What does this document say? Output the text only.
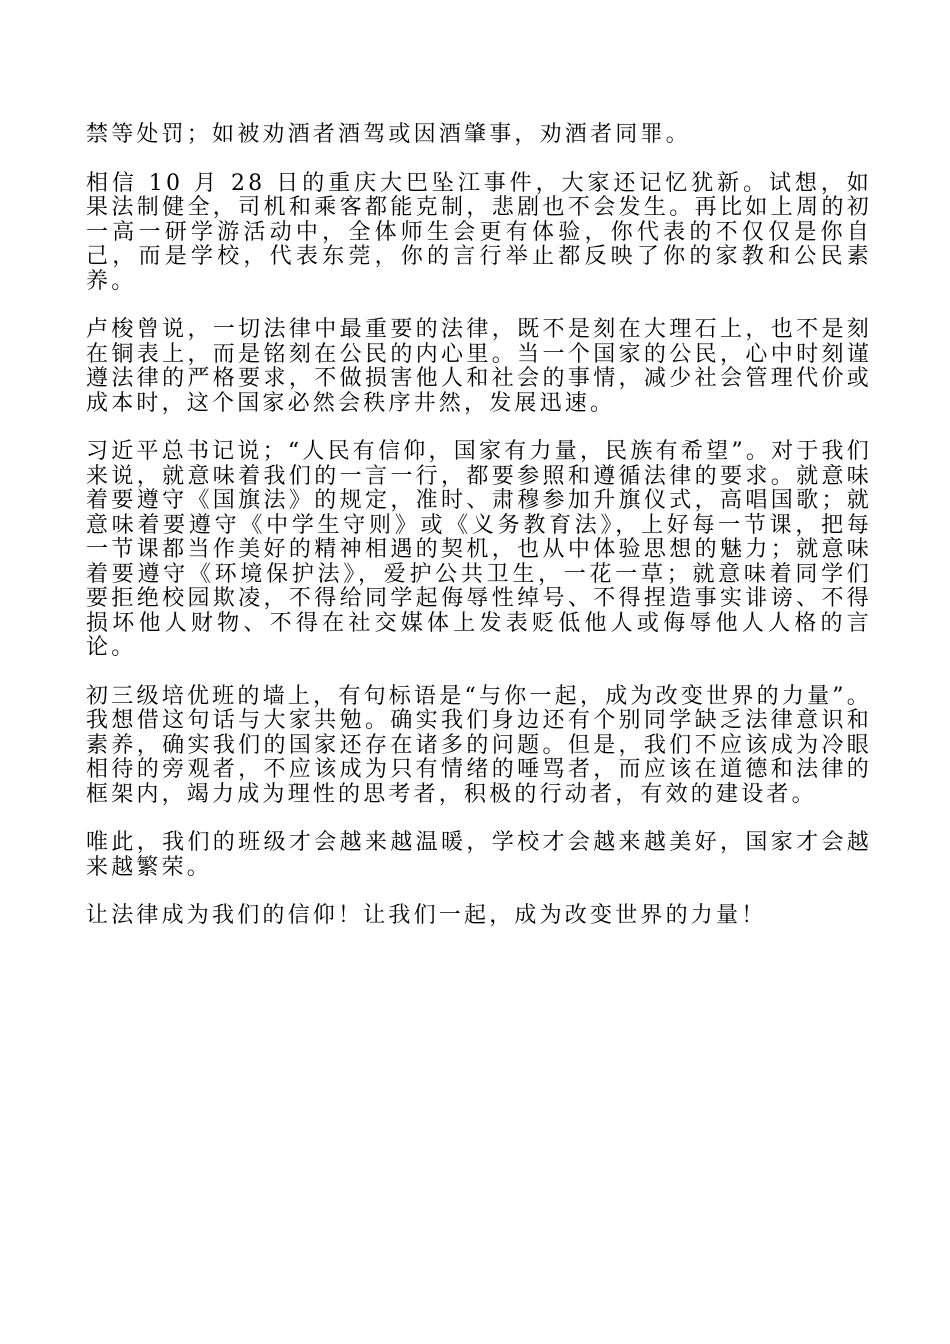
禁等处罚；如被劝酒者酒驾或因酒肇事，劝酒者同罪。

相信 10 月 28 日的重庆大巴坠江事件，大家还记忆犹新。试想，如果法制健全，司机和乘客都能克制，悲剧也不会发生。再比如上周的初一高一研学游活动中，全体师生会更有体验，你代表的不仅仅是你自己，而是学校，代表东莞，你的言行举止都反映了你的家教和公民素养。

卢梭曾说，一切法律中最重要的法律，既不是刻在大理石上，也不是刻在铜表上，而是铭刻在公民的内心里。当一个国家的公民，心中时刻谨遵法律的严格要求，不做损害他人和社会的事情，减少社会管理代价或成本时，这个国家必然会秩序井然，发展迅速。

习近平总书记说；“人民有信仰，国家有力量，民族有希望”。对于我们来说，就意味着我们的一言一行，都要参照和遵循法律的要求。就意味着要遵守《国旗法》的规定，准时、肃穆参加升旗仪式，高唱国歌；就意味着要遵守《中学生守则》或《义务教育法》，上好每一节课，把每一节课都当作美好的精神相遇的契机，也从中体验思想的魅力；就意味着要遵守《环境保护法》，爱护公共卫生，一花一草；就意味着同学们要拒绝校园欺凌，不得给同学起侮辱性绰号、不得捏造事实诽谤、不得损坏他人财物、不得在社交媒体上发表贬低他人或侮辱他人人格的言论。

初三级培优班的墙上，有句标语是“与你一起，成为改变世界的力量”。我想借这句话与大家共勉。确实我们身边还有个别同学缺乏法律意识和素养，确实我们的国家还存在诸多的问题。但是，我们不应该成为冷眼相待的旁观者，不应该成为只有情绪的唾骂者，而应该在道德和法律的框架内，竭力成为理性的思考者，积极的行动者，有效的建设者。

唯此，我们的班级才会越来越温暖，学校才会越来越美好，国家才会越来越繁荣。

让法律成为我们的信仰！让我们一起，成为改变世界的力量！
